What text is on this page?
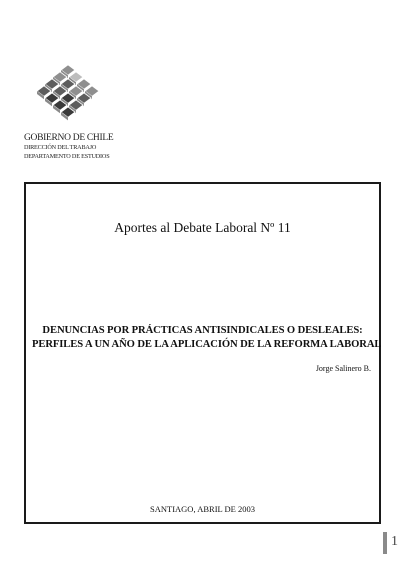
GOBIERNO DE CHILE
DIRECCIÓN DEL TRABAJO
DEPARTAMENTO DE ESTUDIOS
Aportes al Debate Laboral Nº 11
DENUNCIAS POR PRÁCTICAS ANTISINDICALES O DESLEALES:
PERFILES A UN AÑO DE LA APLICACIÓN DE LA REFORMA LABORAL
Jorge Salinero B.
SANTIAGO, ABRIL DE 2003
1
